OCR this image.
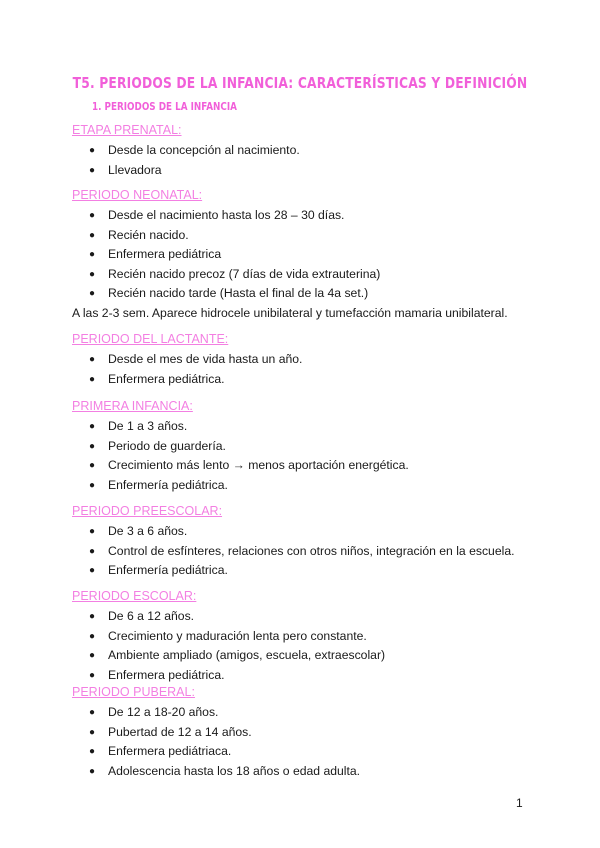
T5. PERIODOS DE LA INFANCIA: CARACTERÍSTICAS Y DEFINICIÓN
1. PERIODOS DE LA INFANCIA
ETAPA PRENATAL:
● Desde la concepción al nacimiento.
● Llevadora
PERIODO NEONATAL:
● Desde el nacimiento hasta los 28 – 30 días.
● Recién nacido.
● Enfermera pediátrica
● Recién nacido precoz (7 días de vida extrauterina)
● Recién nacido tarde (Hasta el final de la 4a set.)
A las 2-3 sem. Aparece hidrocele unibilateral y tumefacción mamaria unibilateral.
PERIODO DEL LACTANTE:
● Desde el mes de vida hasta un año.
● Enfermera pediátrica.
PRIMERA INFANCIA:
● De 1 a 3 años.
● Periodo de guardería.
● Crecimiento más lento → menos aportación energética.
● Enfermería pediátrica.
PERIODO PREESCOLAR:
● De 3 a 6 años.
● Control de esfínteres, relaciones con otros niños, integración en la escuela.
● Enfermería pediátrica.
PERIODO ESCOLAR:
● De 6 a 12 años.
● Crecimiento y maduración lenta pero constante.
● Ambiente ampliado (amigos, escuela, extraescolar)
● Enfermera pediátrica.
PERIODO PUBERAL:
● De 12 a 18-20 años.
● Pubertad de 12 a 14 años.
● Enfermera pediátriaca.
● Adolescencia hasta los 18 años o edad adulta.
1
